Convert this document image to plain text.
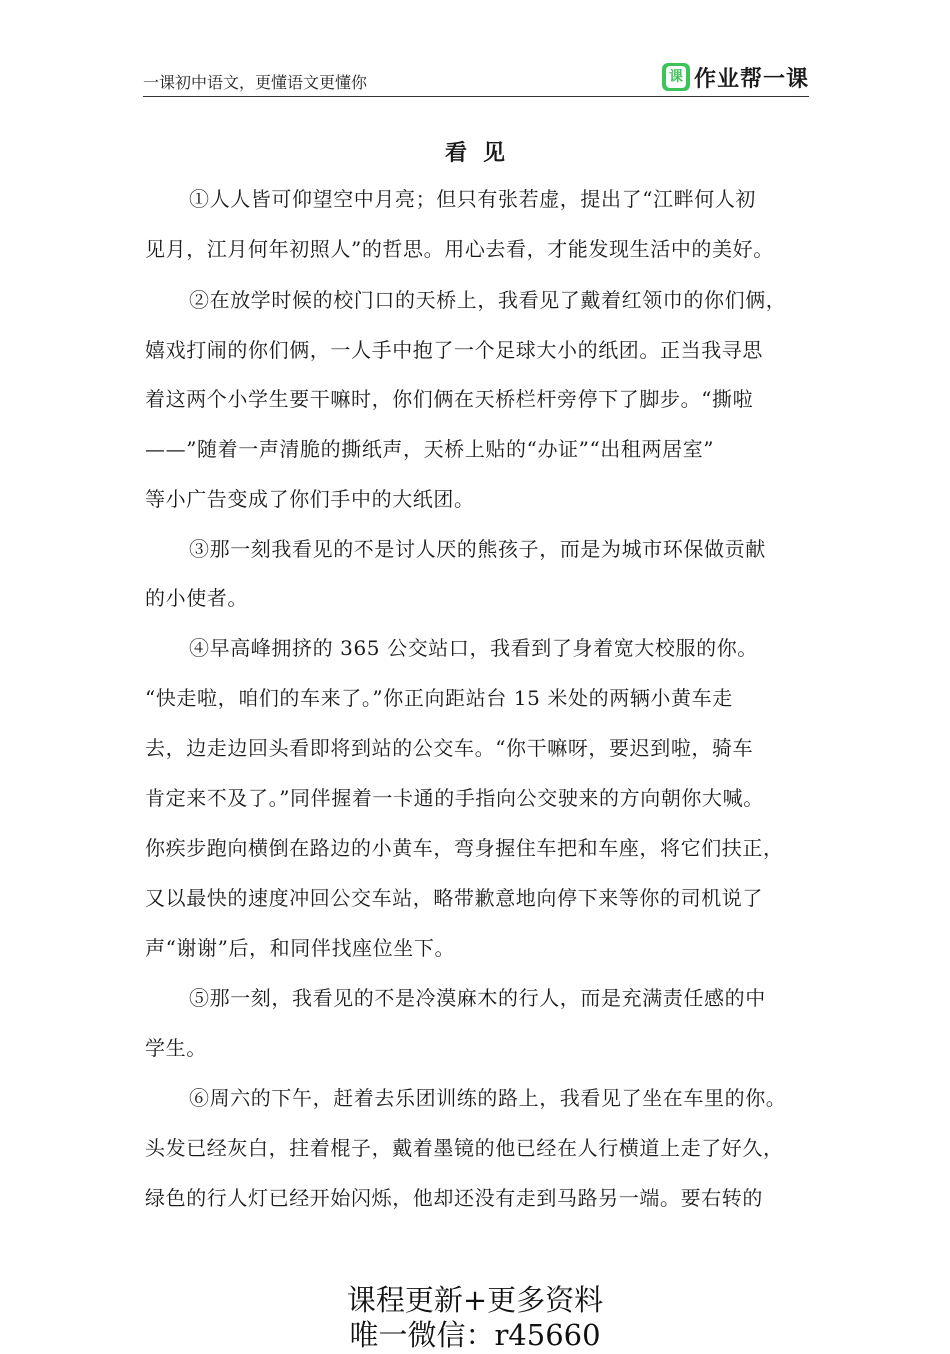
一课初中语文，更懂语文更懂你	课 作业帮一课
看见
①人人皆可仰望空中月亮；但只有张若虚，提出了“江畔何人初
见月，江月何年初照人”的哲思。用心去看，才能发现生活中的美好。
②在放学时候的校门口的天桥上，我看见了戴着红领巾的你们俩，
嬉戏打闹的你们俩，一人手中抱了一个足球大小的纸团。正当我寻思
着这两个小学生要干嘛时，你们俩在天桥栏杆旁停下了脚步。“撕啦
——”随着一声清脆的撕纸声，天桥上贴的“办证”“出租两居室”
等小广告变成了你们手中的大纸团。
③那一刻我看见的不是讨人厌的熊孩子，而是为城市环保做贡献
的小使者。
④早高峰拥挤的 365 公交站口，我看到了身着宽大校服的你。
“快走啦，咱们的车来了。”你正向距站台 15 米处的两辆小黄车走
去，边走边回头看即将到站的公交车。“你干嘛呀，要迟到啦，骑车
肯定来不及了。”同伴握着一卡通的手指向公交驶来的方向朝你大喊。
你疾步跑向横倒在路边的小黄车，弯身握住车把和车座，将它们扶正，
又以最快的速度冲回公交车站，略带歉意地向停下来等你的司机说了
声“谢谢”后，和同伴找座位坐下。
⑤那一刻，我看见的不是冷漠麻木的行人，而是充满责任感的中
学生。
⑥周六的下午，赶着去乐团训练的路上，我看见了坐在车里的你。
头发已经灰白，拄着棍子，戴着墨镜的他已经在人行横道上走了好久，
绿色的行人灯已经开始闪烁，他却还没有走到马路另一端。要右转的
课程更新+更多资料
唯一微信：r45660
